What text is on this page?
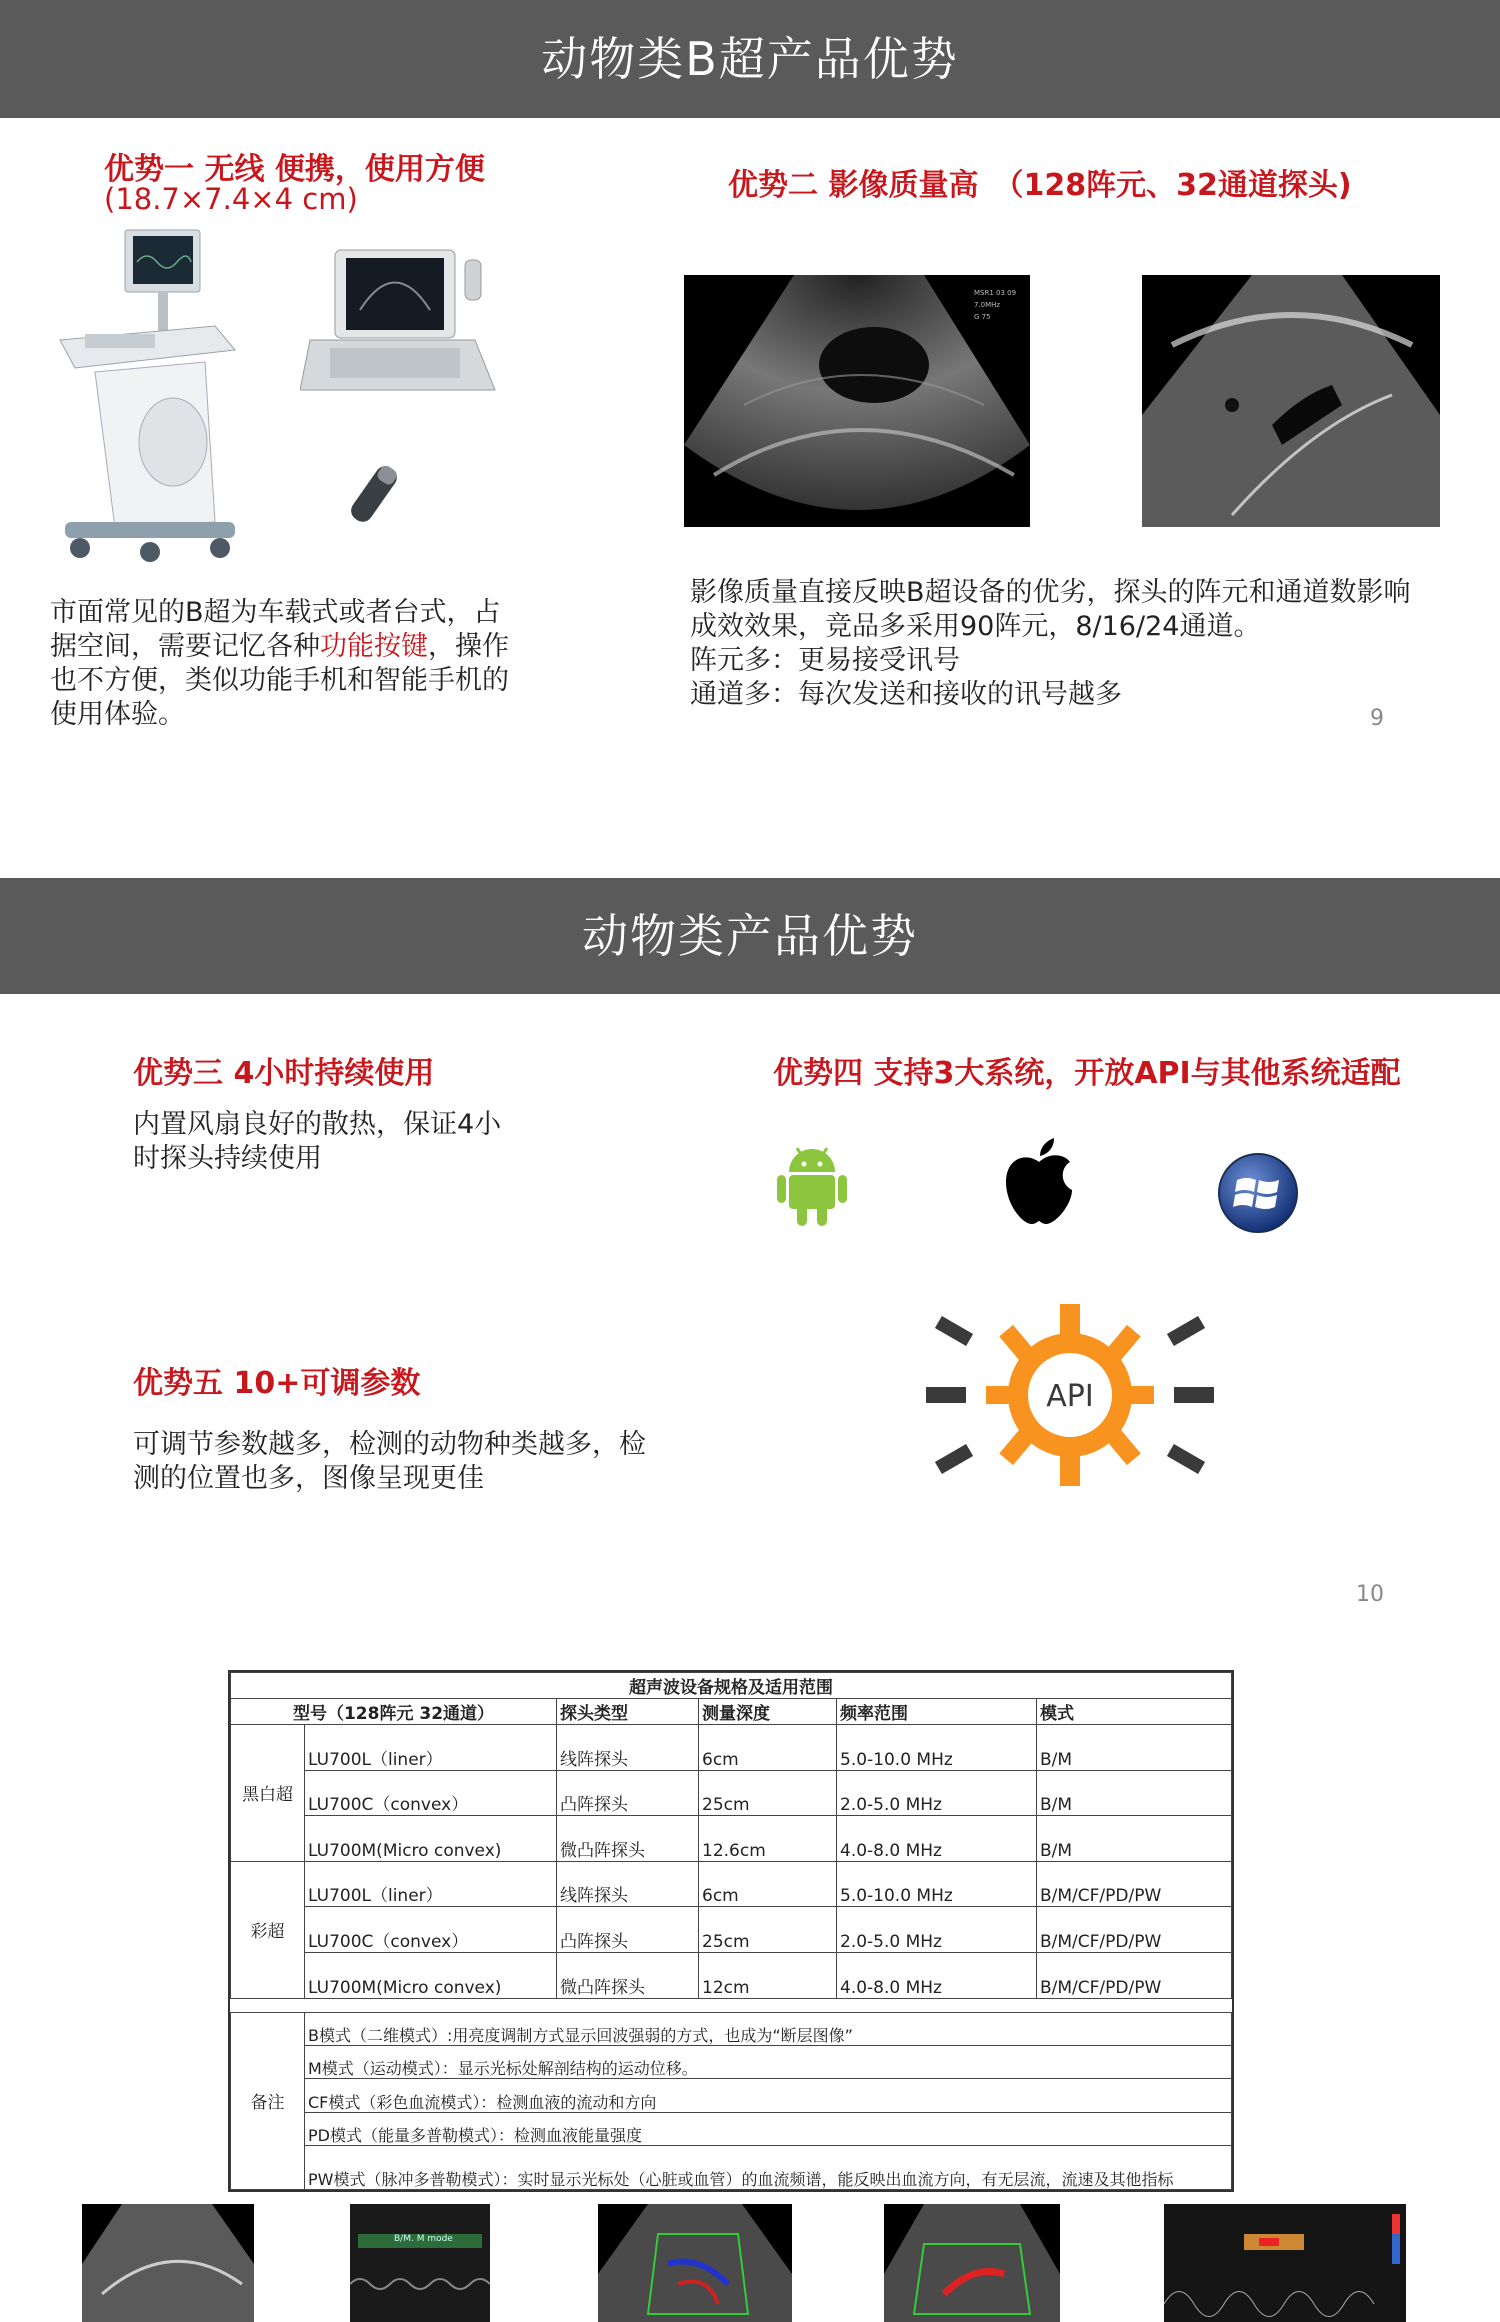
动物类B超产品优势
优势一 无线 便携，使用方便
(18.7×7.4×4 cm)
市面常见的B超为车载式或者台式，占据空间，需要记忆各种功能按键，操作也不方便，类似功能手机和智能手机的使用体验。
优势二 影像质量高　（128阵元、32通道探头)
MSR1 03 09
7.0MHz
G 75
影像质量直接反映B超设备的优劣，探头的阵元和通道数影响成效效果，竞品多采用90阵元，8/16/24通道。
阵元多：更易接受讯号
通道多：每次发送和接收的讯号越多
9
动物类产品优势
优势三 4小时持续使用
内置风扇良好的散热，保证4小时探头持续使用
优势四 支持3大系统，开放API与其他系统适配
优势五 10+可调参数
可调节参数越多，检测的动物种类越多，检测的位置也多，图像呈现更佳
API
10
超声波设备规格及适用范围					
型号（128阵元 32通道）		探头类型	测量深度	频率范围	模式
黑白超	LU700L（liner）	线阵探头	6cm	5.0-10.0 MHz	B/M
	LU700C（convex）	凸阵探头	25cm	2.0-5.0 MHz	B/M
	LU700M(Micro convex)	微凸阵探头	12.6cm	4.0-8.0 MHz	B/M
彩超	LU700L（liner）	线阵探头	6cm	5.0-10.0 MHz	B/M/CF/PD/PW
	LU700C（convex）	凸阵探头	25cm	2.0-5.0 MHz	B/M/CF/PD/PW
	LU700M(Micro convex)	微凸阵探头	12cm	4.0-8.0 MHz	B/M/CF/PD/PW

备注	B模式（二维模式）:用亮度调制方式显示回波强弱的方式，也成为“断层图像”				
	M模式（运动模式）：显示光标处解剖结构的运动位移。				
	CF模式（彩色血流模式）：检测血液的流动和方向				
	PD模式（能量多普勒模式）：检测血液能量强度				
	PW模式（脉冲多普勒模式）：实时显示光标处（心脏或血管）的血流频谱，能反映出血流方向，有无层流，流速及其他指标				
B/M. M mode
